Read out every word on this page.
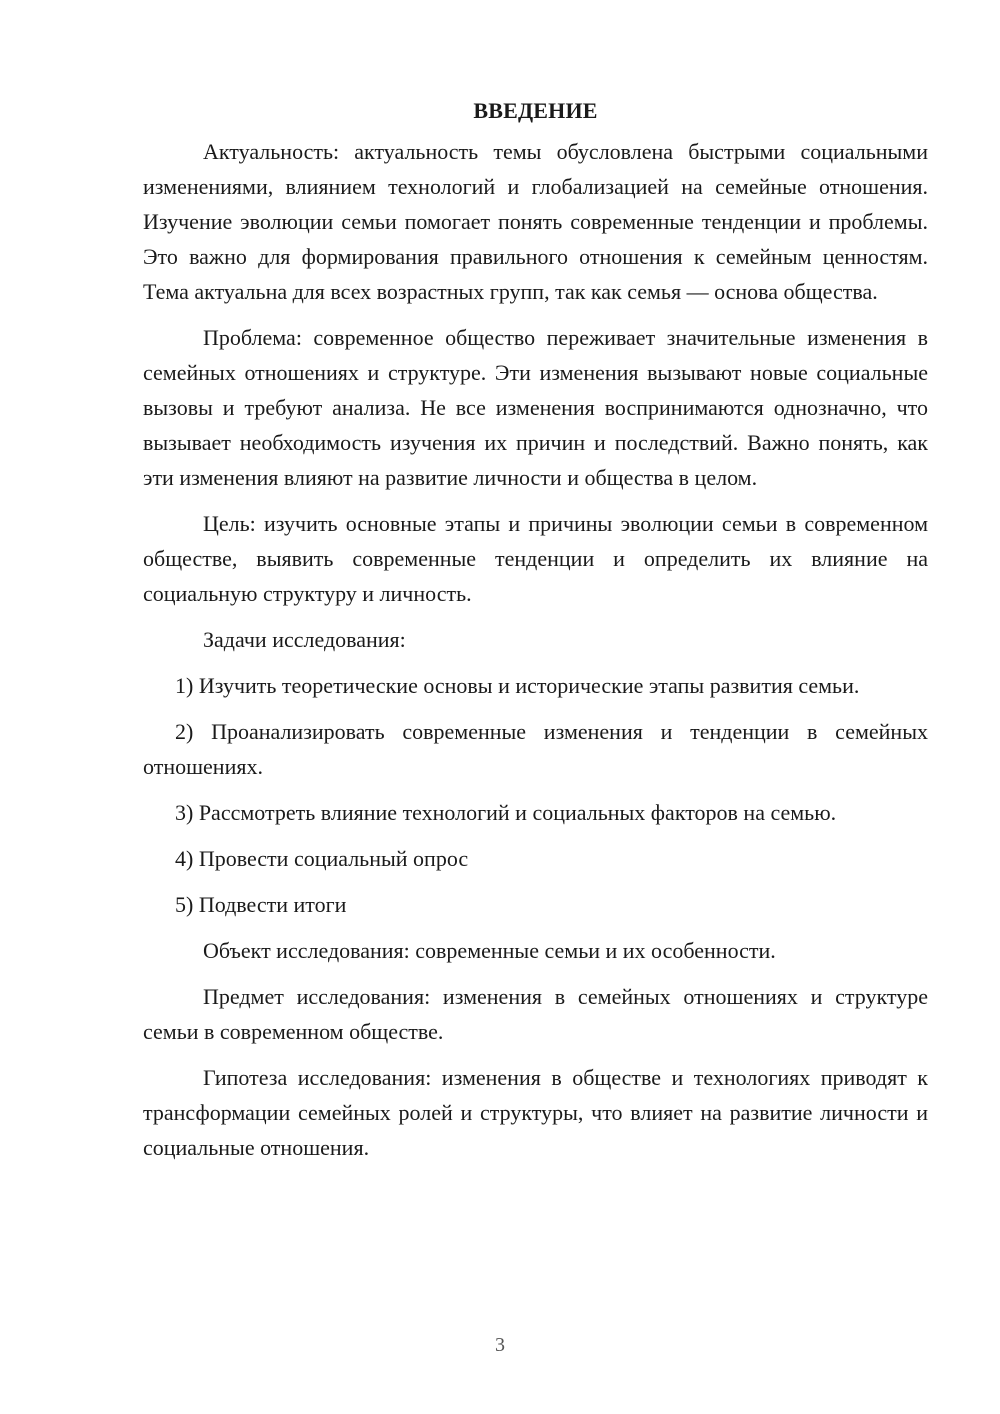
ВВЕДЕНИЕ

Актуальность: актуальность темы обусловлена быстрыми социальными изменениями, влиянием технологий и глобализацией на семейные отношения. Изучение эволюции семьи помогает понять современные тенденции и проблемы. Это важно для формирования правильного отношения к семейным ценностям. Тема актуальна для всех возрастных групп, так как семья — основа общества.

Проблема: современное общество переживает значительные изменения в семейных отношениях и структуре. Эти изменения вызывают новые социальные вызовы и требуют анализа. Не все изменения воспринимаются однозначно, что вызывает необходимость изучения их причин и последствий. Важно понять, как эти изменения влияют на развитие личности и общества в целом.

Цель: изучить основные этапы и причины эволюции семьи в современном обществе, выявить современные тенденции и определить их влияние на социальную структуру и личность.

Задачи исследования:

1) Изучить теоретические основы и исторические этапы развития семьи.

2) Проанализировать современные изменения и тенденции в семейных отношениях.

3) Рассмотреть влияние технологий и социальных факторов на семью.

4) Провести социальный опрос

5) Подвести итоги

Объект исследования: современные семьи и их особенности.

Предмет исследования: изменения в семейных отношениях и структуре семьи в современном обществе.

Гипотеза исследования: изменения в обществе и технологиях приводят к трансформации семейных ролей и структуры, что влияет на развитие личности и социальные отношения.

3
